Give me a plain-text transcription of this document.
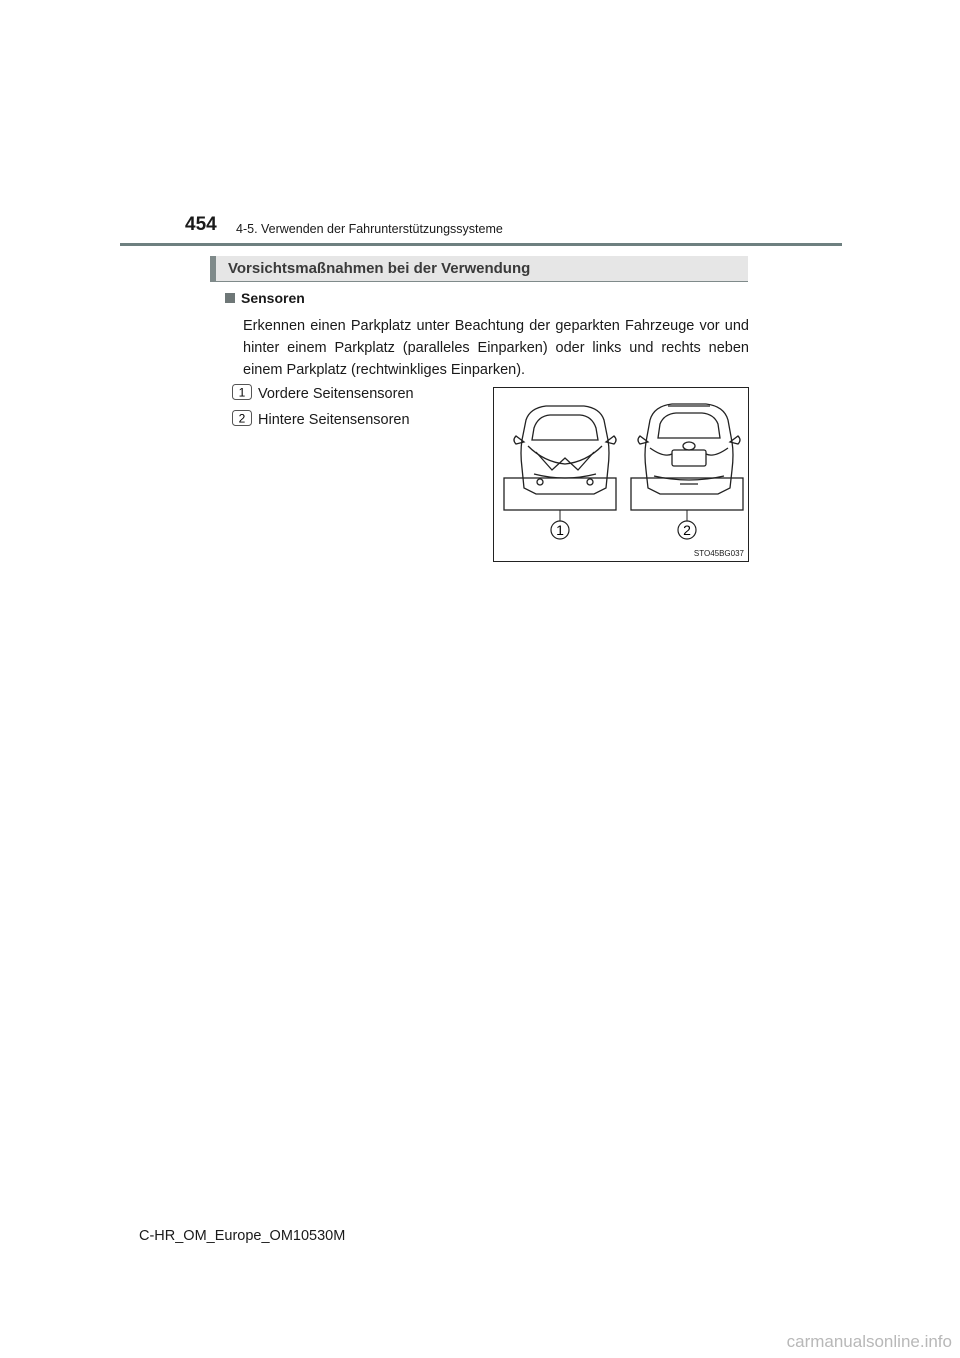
454 4-5. Verwenden der Fahrunterstützungssysteme
Vorsichtsmaßnahmen bei der Verwendung
Sensoren
Erkennen einen Parkplatz unter Beachtung der geparkten Fahrzeuge vor und hinter einem Parkplatz (paralleles Einparken) oder links und rechts neben einem Parkplatz (rechtwinkliges Einparken).
1 Vordere Seitensensoren
2 Hintere Seitensensoren
1	2
STO45BG037
C-HR_OM_Europe_OM10530M
carmanualsonline.info
